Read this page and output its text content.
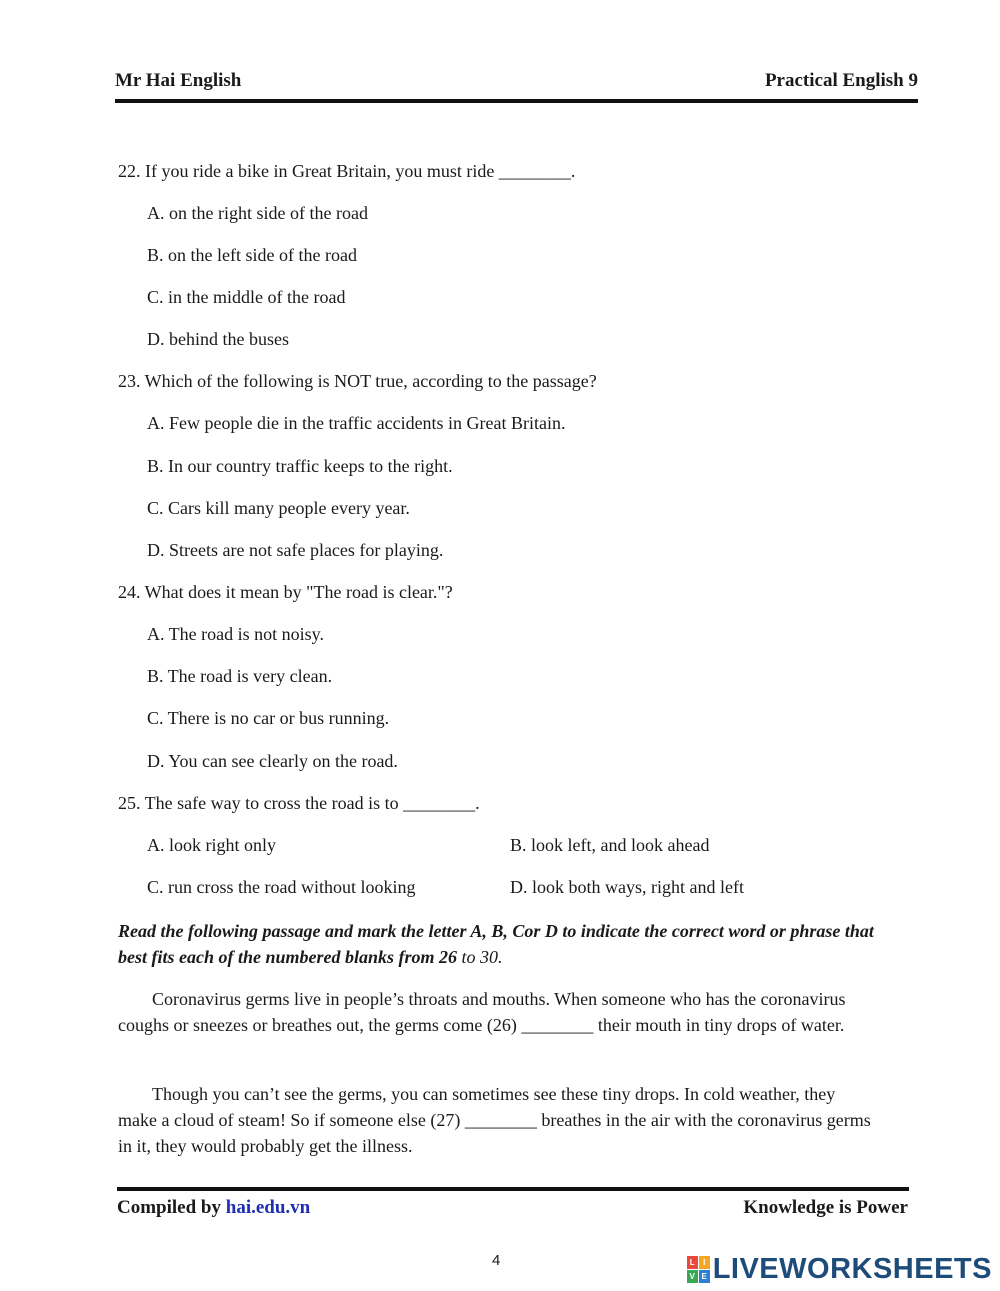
Mr Hai English	Practical English 9
22. If you ride a bike in Great Britain, you must ride ________.
A. on the right side of the road
B. on the left side of the road
C. in the middle of the road
D. behind the buses
23. Which of the following is NOT true, according to the passage?
A. Few people die in the traffic accidents in Great Britain.
B. In our country traffic keeps to the right.
C. Cars kill many people every year.
D. Streets are not safe places for playing.
24. What does it mean by "The road is clear."?
A. The road is not noisy.
B. The road is very clean.
C. There is no car or bus running.
D. You can see clearly on the road.
25. The safe way to cross the road is to ________.
A. look right only	B. look left, and look ahead
C. run cross the road without looking	D. look both ways, right and left
Read the following passage and mark the letter A, B, Cor D to indicate the correct word or phrase that best fits each of the numbered blanks from 26 to 30.
Coronavirus germs live in people’s throats and mouths. When someone who has the coronavirus coughs or sneezes or breathes out, the germs come (26) ________ their mouth in tiny drops of water.
Though you can’t see the germs, you can sometimes see these tiny drops. In cold weather, they make a cloud of steam! So if someone else (27) ________ breathes in the air with the coronavirus germs in it, they would probably get the illness.
Compiled by hai.edu.vn	Knowledge is Power
4	L	I
V E LIVEWORKSHEETS
